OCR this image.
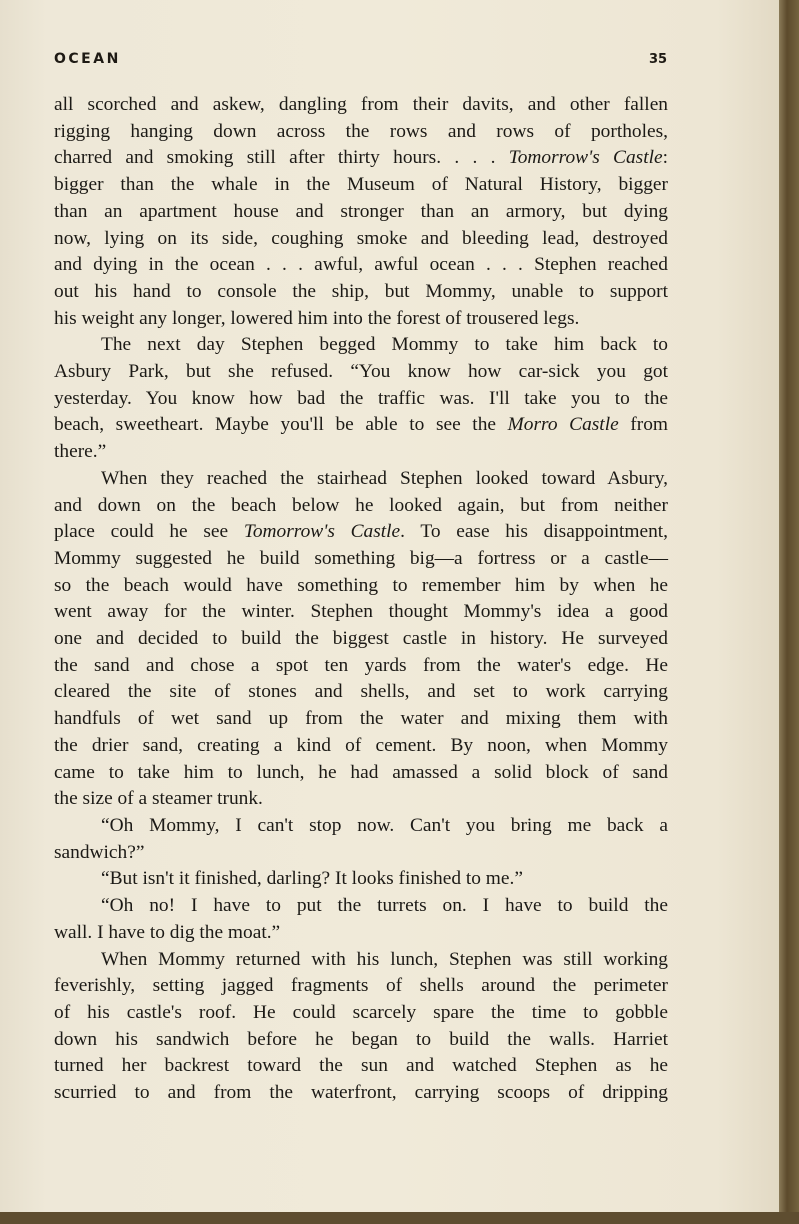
OCEAN	35
all scorched and askew, dangling from their davits, and other fallen
rigging hanging down across the rows and rows of portholes,
charred and smoking still after thirty hours. . . . Tomorrow's Castle:
bigger than the whale in the Museum of Natural History, bigger
than an apartment house and stronger than an armory, but dying
now, lying on its side, coughing smoke and bleeding lead, destroyed
and dying in the ocean . . . awful, awful ocean . . . Stephen reached
out his hand to console the ship, but Mommy, unable to support
his weight any longer, lowered him into the forest of trousered legs.
The next day Stephen begged Mommy to take him back to
Asbury Park, but she refused. “You know how car-sick you got
yesterday. You know how bad the traffic was. I'll take you to the
beach, sweetheart. Maybe you'll be able to see the Morro Castle from
there.”
When they reached the stairhead Stephen looked toward Asbury,
and down on the beach below he looked again, but from neither
place could he see Tomorrow's Castle. To ease his disappointment,
Mommy suggested he build something big—a fortress or a castle—
so the beach would have something to remember him by when he
went away for the winter. Stephen thought Mommy's idea a good
one and decided to build the biggest castle in history. He surveyed
the sand and chose a spot ten yards from the water's edge. He
cleared the site of stones and shells, and set to work carrying
handfuls of wet sand up from the water and mixing them with
the drier sand, creating a kind of cement. By noon, when Mommy
came to take him to lunch, he had amassed a solid block of sand
the size of a steamer trunk.
“Oh Mommy, I can't stop now. Can't you bring me back a
sandwich?”
“But isn't it finished, darling? It looks finished to me.”
“Oh no! I have to put the turrets on. I have to build the
wall. I have to dig the moat.”
When Mommy returned with his lunch, Stephen was still working
feverishly, setting jagged fragments of shells around the perimeter
of his castle's roof. He could scarcely spare the time to gobble
down his sandwich before he began to build the walls. Harriet
turned her backrest toward the sun and watched Stephen as he
scurried to and from the waterfront, carrying scoops of dripping
